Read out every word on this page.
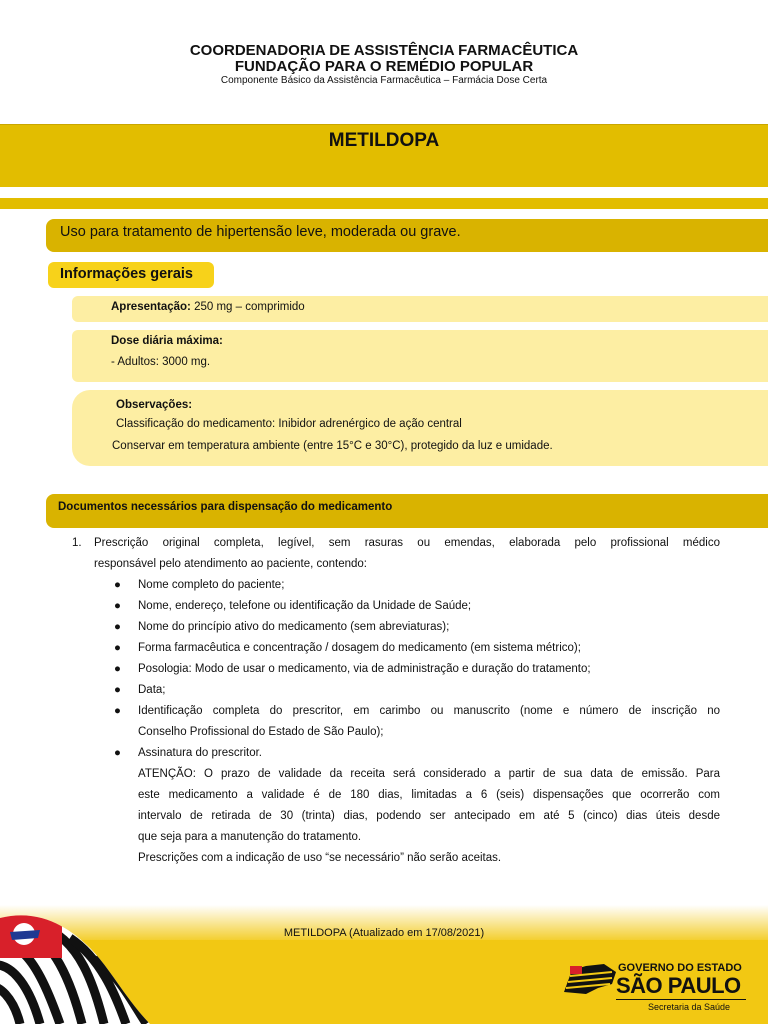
COORDENADORIA DE ASSISTÊNCIA FARMACÊUTICA
FUNDAÇÃO PARA O REMÉDIO POPULAR
Componente Básico da Assistência Farmacêutica – Farmácia Dose Certa
METILDOPA
Uso para tratamento de hipertensão leve, moderada ou grave.
Informações gerais
Apresentação: 250 mg – comprimido
Dose diária máxima:
- Adultos: 3000 mg.
Observações:
Classificação do medicamento: Inibidor adrenérgico de ação central
Conservar em temperatura ambiente (entre 15°C e 30°C), protegido da luz e umidade.
Documentos necessários para dispensação do medicamento
1. Prescrição original completa, legível, sem rasuras ou emendas, elaborada pelo profissional médico
responsável pelo atendimento ao paciente, contendo:
●	Nome completo do paciente;
●	Nome, endereço, telefone ou identificação da Unidade de Saúde;
●	Nome do princípio ativo do medicamento (sem abreviaturas);
●	Forma farmacêutica e concentração / dosagem do medicamento (em sistema métrico);
●	Posologia: Modo de usar o medicamento, via de administração e duração do tratamento;
●	Data;
● Identificação completa do prescritor, em carimbo ou manuscrito (nome e número de inscrição no
Conselho Profissional do Estado de São Paulo);
●	Assinatura do prescritor.
ATENÇÃO: O prazo de validade da receita será considerado a partir de sua data de emissão. Para
este medicamento a validade é de 180 dias, limitadas a 6 (seis) dispensações que ocorrerão com
intervalo de retirada de 30 (trinta) dias, podendo ser antecipado em até 5 (cinco) dias úteis desde
que seja para a manutenção do tratamento.
Prescrições com a indicação de uso “se necessário” não serão aceitas.
METILDOPA (Atualizado em 17/08/2021)
GOVERNO DO ESTADO
SÃO PAULO
Secretaria da Saúde
